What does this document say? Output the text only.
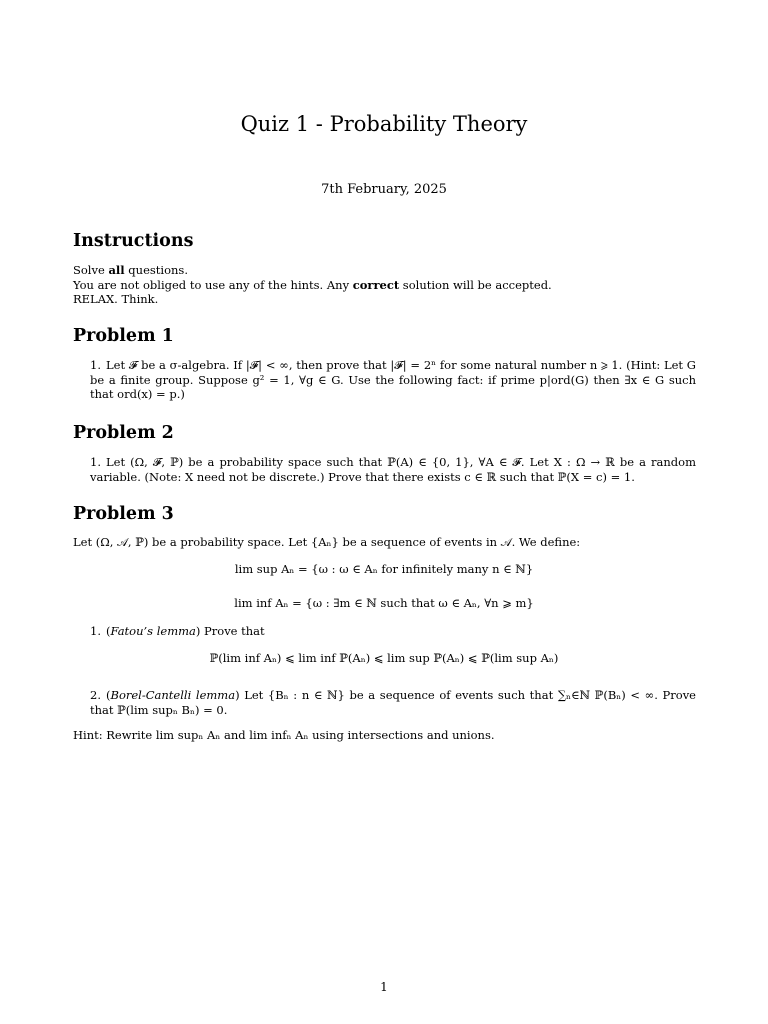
Quiz 1 - Probability Theory
7th February, 2025
Instructions
Solve all questions.
You are not obliged to use any of the hints. Any correct solution will be accepted.
RELAX. Think.
Problem 1
1. Let 𝓕 be a σ-algebra. If |𝓕| < ∞, then prove that |𝓕| = 2ⁿ for some natural number n ⩾ 1. (Hint: Let G be a finite group. Suppose g² = 1, ∀g ∈ G. Use the following fact: if prime p|ord(G) then ∃x ∈ G such that ord(x) = p.)
Problem 2
1. Let (Ω, 𝓕, ℙ) be a probability space such that ℙ(A) ∈ {0, 1}, ∀A ∈ 𝓕. Let X : Ω → ℝ be a random variable. (Note: X need not be discrete.) Prove that there exists c ∈ ℝ such that ℙ(X = c) = 1.
Problem 3
Let (Ω, 𝒜, ℙ) be a probability space. Let {Aₙ} be a sequence of events in 𝒜. We define:
lim sup Aₙ = {ω : ω ∈ Aₙ for infinitely many n ∈ ℕ}
lim inf Aₙ = {ω : ∃m ∈ ℕ such that ω ∈ Aₙ, ∀n ⩾ m}
1. (Fatou’s lemma) Prove that
ℙ(lim inf Aₙ) ⩽ lim inf ℙ(Aₙ) ⩽ lim sup ℙ(Aₙ) ⩽ ℙ(lim sup Aₙ)
2. (Borel-Cantelli lemma) Let {Bₙ : n ∈ ℕ} be a sequence of events such that ∑ₙ∈ℕ ℙ(Bₙ) < ∞. Prove that ℙ(lim supₙ Bₙ) = 0.
Hint: Rewrite lim supₙ Aₙ and lim infₙ Aₙ using intersections and unions.
1
